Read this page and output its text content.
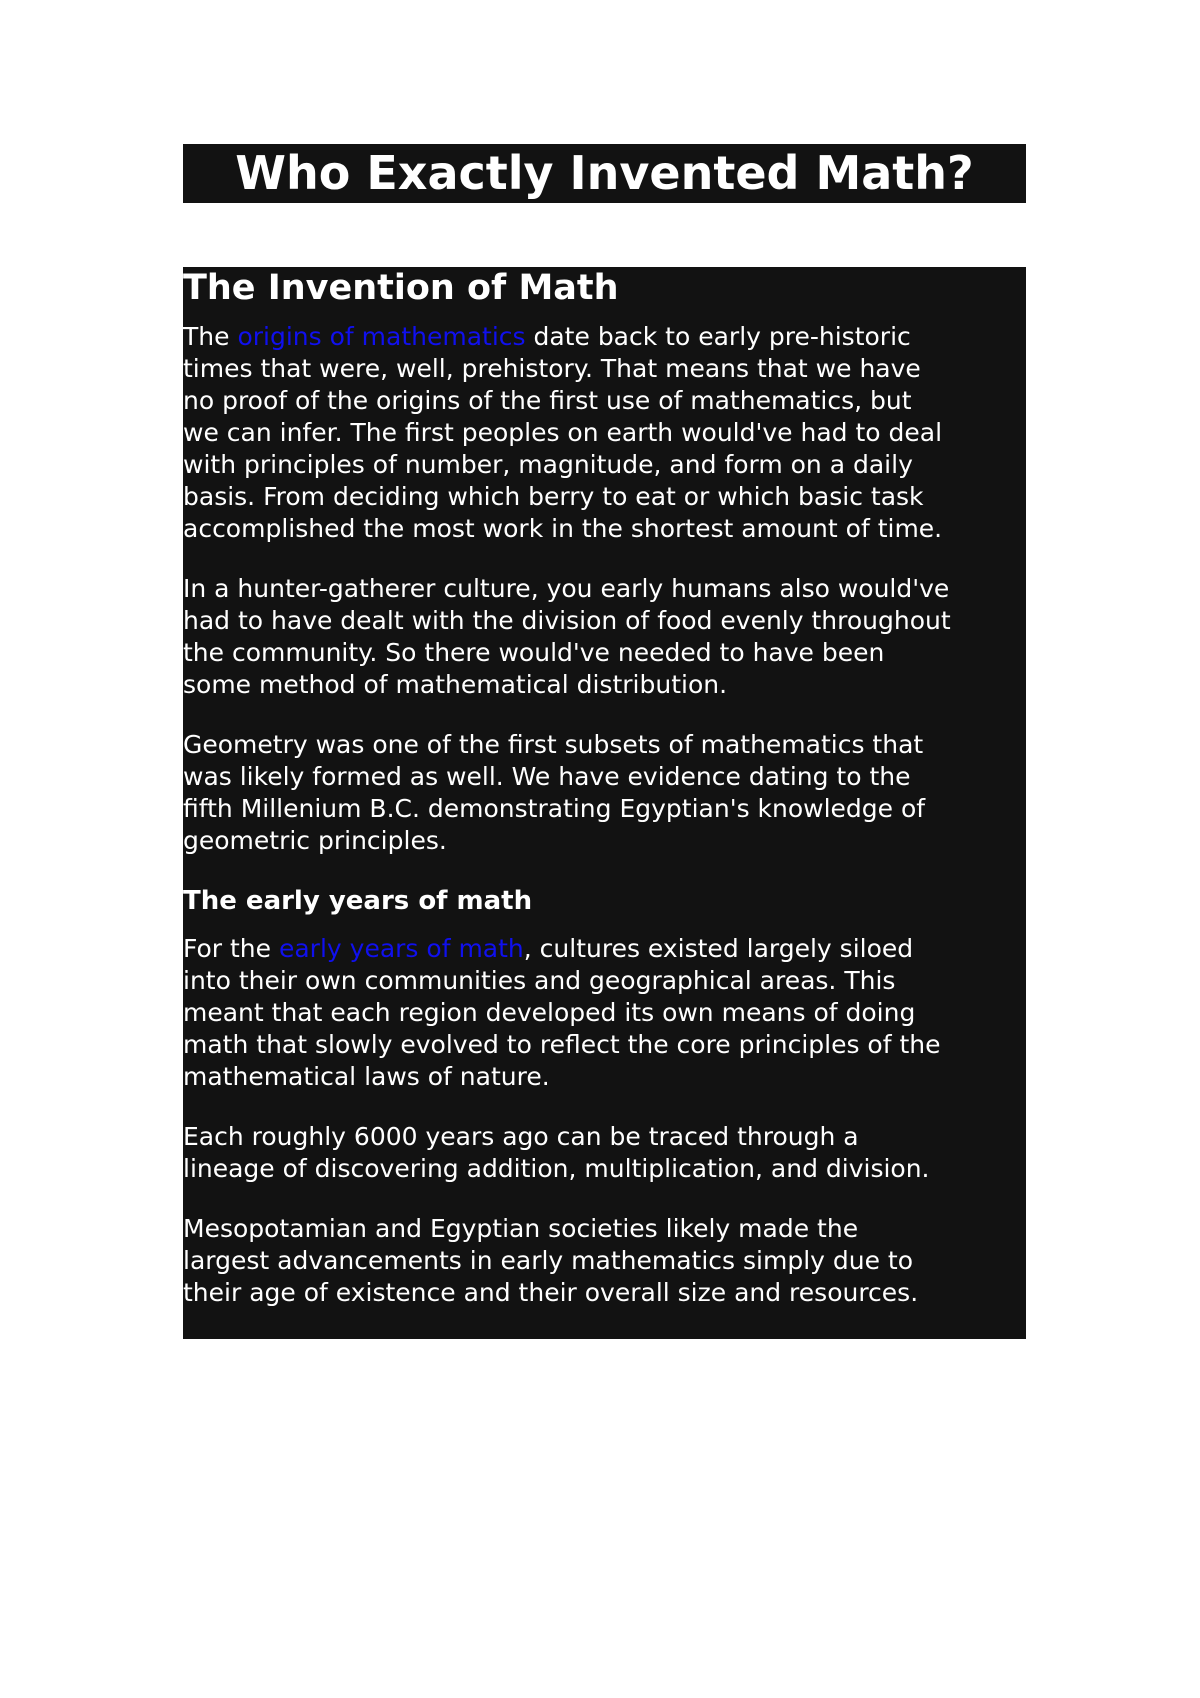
Who Exactly Invented Math?
The Invention of Math
The origins of mathematics date back to early pre-historic
times that were, well, prehistory. That means that we have
no proof of the origins of the first use of mathematics, but
we can infer. The first peoples on earth would've had to deal
with principles of number, magnitude, and form on a daily
basis. From deciding which berry to eat or which basic task
accomplished the most work in the shortest amount of time.
In a hunter-gatherer culture, you early humans also would've
had to have dealt with the division of food evenly throughout
the community. So there would've needed to have been
some method of mathematical distribution.
Geometry was one of the first subsets of mathematics that
was likely formed as well. We have evidence dating to the
fifth Millenium B.C. demonstrating Egyptian's knowledge of
geometric principles.
The early years of math
For the early years of math, cultures existed largely siloed
into their own communities and geographical areas. This
meant that each region developed its own means of doing
math that slowly evolved to reflect the core principles of the
mathematical laws of nature.
Each roughly 6000 years ago can be traced through a
lineage of discovering addition, multiplication, and division.
Mesopotamian and Egyptian societies likely made the
largest advancements in early mathematics simply due to
their age of existence and their overall size and resources.
